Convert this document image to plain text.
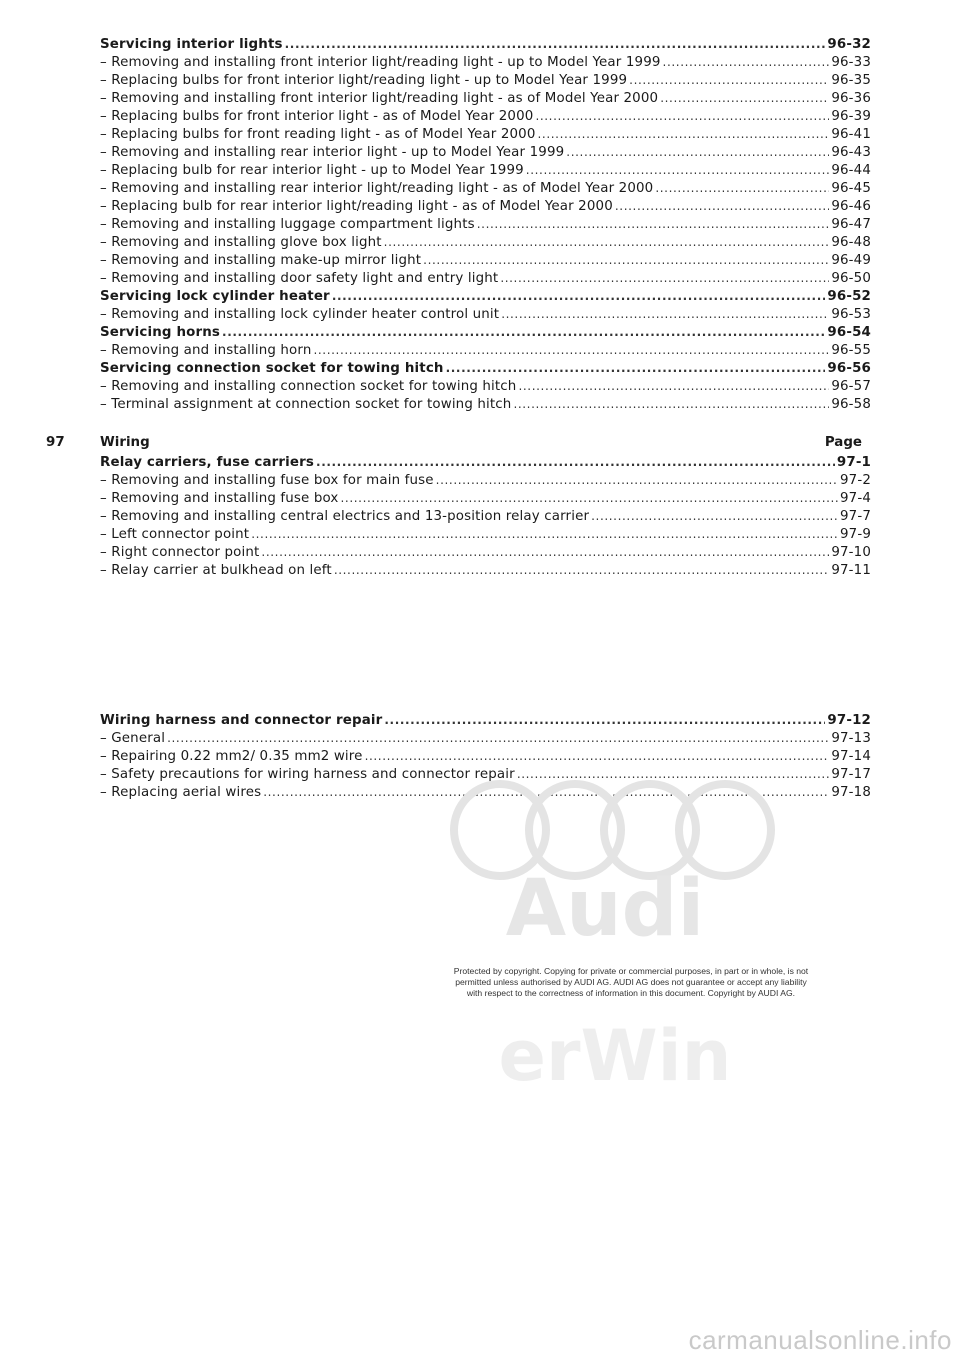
Servicing interior lights .....	96-32
– Removing and installing front interior light/reading light - up to Model Year 1999 .....	96-33
– Replacing bulbs for front interior light/reading light - up to Model Year 1999 .....	96-35
– Removing and installing front interior light/reading light - as of Model Year 2000 .....	96-36
– Replacing bulbs for front interior light - as of Model Year 2000 .....	96-39
– Replacing bulbs for front reading light - as of Model Year 2000 .....	96-41
– Removing and installing rear interior light - up to Model Year 1999 .....	96-43
– Replacing bulb for rear interior light - up to Model Year 1999 .....	96-44
– Removing and installing rear interior light/reading light - as of Model Year 2000 .....	96-45
– Replacing bulb for rear interior light/reading light - as of Model Year 2000 .....	96-46
– Removing and installing luggage compartment lights .....	96-47
– Removing and installing glove box light .....	96-48
– Removing and installing make-up mirror light .....	96-49
– Removing and installing door safety light and entry light .....	96-50
Servicing lock cylinder heater .....	96-52
– Removing and installing lock cylinder heater control unit .....	96-53
Servicing horns .....	96-54
– Removing and installing horn .....	96-55
Servicing connection socket for towing hitch .....	96-56
– Removing and installing connection socket for towing hitch .....	96-57
– Terminal assignment at connection socket for towing hitch .....	96-58
97	Wiring	Page
Relay carriers, fuse carriers .....	97-1
– Removing and installing fuse box for main fuse .....	97-2
– Removing and installing fuse box .....	97-4
– Removing and installing central electrics and 13-position relay carrier .....	97-7
– Left connector point .....	97-9
– Right connector point .....	97-10
– Relay carrier at bulkhead on left .....	97-11
Wiring harness and connector repair .....	97-12
– General .....	97-13
– Repairing 0.22 mm2/ 0.35 mm2 wire .....	97-14
– Safety precautions for wiring harness and connector repair .....	97-17
– Replacing aerial wires .....	97-18
Audi
erWin
Protected by copyright. Copying for private or commercial purposes, in part or in whole, is not
permitted unless authorised by AUDI AG. AUDI AG does not guarantee or accept any liability
with respect to the correctness of information in this document. Copyright by AUDI AG.
carmanualsonline.info
